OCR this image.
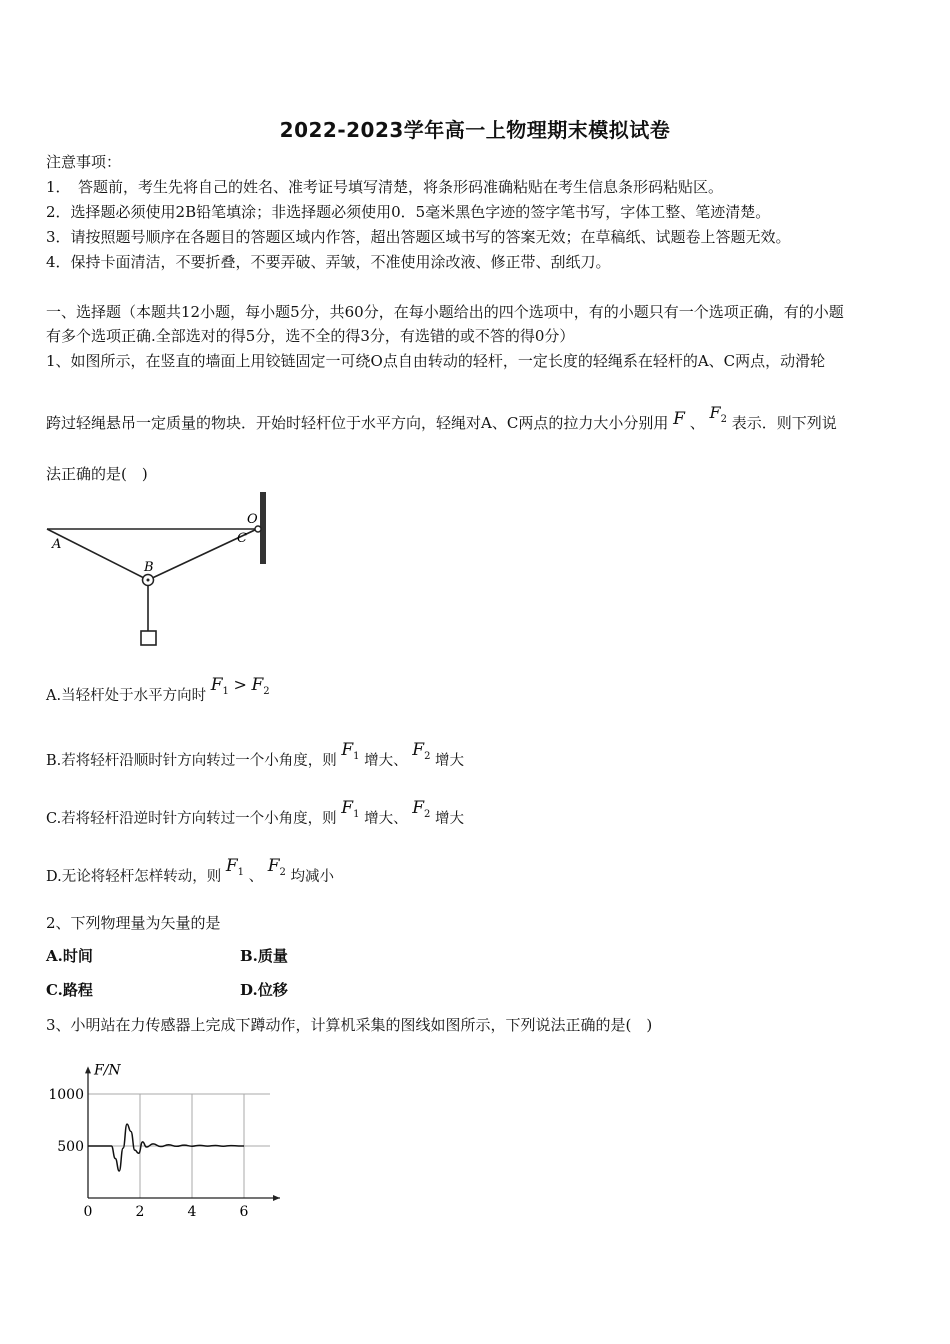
2022-2023学年高一上物理期末模拟试卷
注意事项：
1．　答题前，考生先将自己的姓名、准考证号填写清楚，将条形码准确粘贴在考生信息条形码粘贴区。
2．选择题必须使用2B铅笔填涂；非选择题必须使用0．5毫米黑色字迹的签字笔书写，字体工整、笔迹清楚。
3．请按照题号顺序在各题目的答题区域内作答，超出答题区域书写的答案无效；在草稿纸、试题卷上答题无效。
4．保持卡面清洁，不要折叠，不要弄破、弄皱，不准使用涂改液、修正带、刮纸刀。
一、选择题（本题共12小题，每小题5分，共60分，在每小题给出的四个选项中，有的小题只有一个选项正确，有的小题
有多个选项正确.全部选对的得5分，选不全的得3分，有选错的或不答的得0分）
1、如图所示，在竖直的墙面上用铰链固定一可绕O点自由转动的轻杆，一定长度的轻绳系在轻杆的A、C两点，动滑轮
跨过轻绳悬吊一定质量的物块．开始时轻杆位于水平方向，轻绳对A、C两点的拉力大小分别用 F 、 $F_2$ 表示．则下列说
法正确的是(　)
A
B
C
O
A.当轻杆处于水平方向时 $F_1 > F_2$
B.若将轻杆沿顺时针方向转过一个小角度，则 $F_1$ 增大、 $F_2$ 增大
C.若将轻杆沿逆时针方向转过一个小角度，则 $F_1$ 增大、 $F_2$ 增大
D.无论将轻杆怎样转动，则 $F_1$ 、 $F_2$ 均减小
2、下列物理量为矢量的是
A.时间	B.质量
C.路程	D.位移
3、小明站在力传感器上完成下蹲动作，计算机采集的图线如图所示，下列说法正确的是(　)
0	2	4	6
500
1000
F/N
